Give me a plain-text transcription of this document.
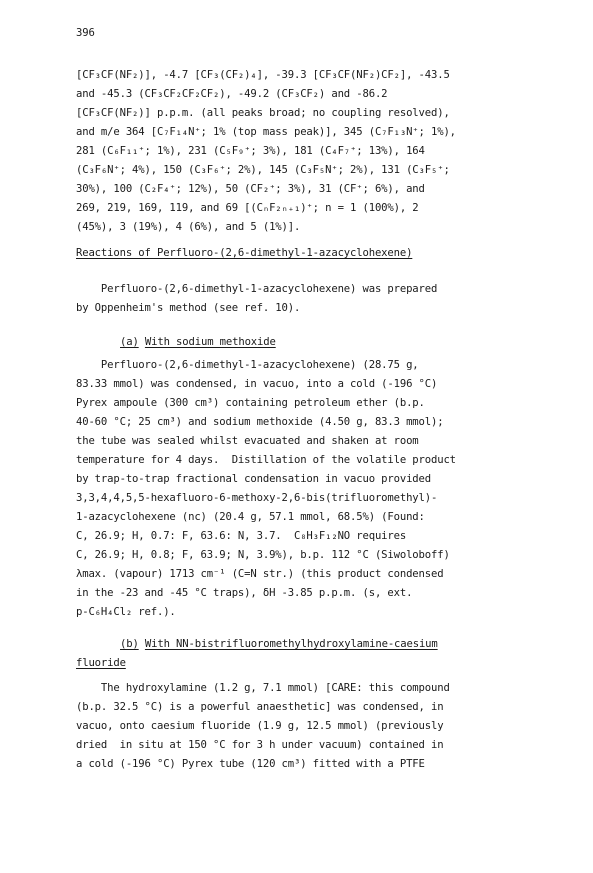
396

[CF₃CF(NF₂)], -4.7 [CF₃(CF₂)₄], -39.3 [CF₃CF(NF₂)CF₂], -43.5

and -45.3 (CF₃CF₂CF₂CF₂), -49.2 (CF₃CF₂) and -86.2

[CF₃CF(NF₂)] p.p.m. (all peaks broad; no coupling resolved),

and m/e 364 [C₇F₁₄N⁺; 1% (top mass peak)], 345 (C₇F₁₃N⁺; 1%),

281 (C₆F₁₁⁺; 1%), 231 (C₅F₉⁺; 3%), 181 (C₄F₇⁺; 13%), 164

(C₃F₆N⁺; 4%), 150 (C₃F₆⁺; 2%), 145 (C₃F₅N⁺; 2%), 131 (C₃F₅⁺;

30%), 100 (C₂F₄⁺; 12%), 50 (CF₂⁺; 3%), 31 (CF⁺; 6%), and

269, 219, 169, 119, and 69 [(CₙF₂ₙ₊₁)⁺; n = 1 (100%), 2

(45%), 3 (19%), 4 (6%), and 5 (1%)].

Reactions of Perfluoro-(2,6-dimethyl-1-azacyclohexene)

Perfluoro-(2,6-dimethyl-1-azacyclohexene) was prepared

by Oppenheim's method (see ref. 10).

(a) With sodium methoxide

Perfluoro-(2,6-dimethyl-1-azacyclohexene) (28.75 g,

83.33 mmol) was condensed, in vacuo, into a cold (-196 °C)

Pyrex ampoule (300 cm³) containing petroleum ether (b.p.

40-60 °C; 25 cm³) and sodium methoxide (4.50 g, 83.3 mmol);

the tube was sealed whilst evacuated and shaken at room

temperature for 4 days.  Distillation of the volatile product

by trap-to-trap fractional condensation in vacuo provided

3,3,4,4,5,5-hexafluoro-6-methoxy-2,6-bis(trifluoromethyl)-

1-azacyclohexene (nc) (20.4 g, 57.1 mmol, 68.5%) (Found:

C, 26.9; H, 0.7: F, 63.6: N, 3.7.  C₈H₃F₁₂NO requires

C, 26.9; H, 0.8; F, 63.9; N, 3.9%), b.p. 112 °C (Siwoloboff)

λmax. (vapour) 1713 cm⁻¹ (C=N str.) (this product condensed

in the -23 and -45 °C traps), δH -3.85 p.p.m. (s, ext.

p-C₆H₄Cl₂ ref.).

(b) With NN-bistrifluoromethylhydroxylamine-caesium

fluoride

The hydroxylamine (1.2 g, 7.1 mmol) [CARE: this compound

(b.p. 32.5 °C) is a powerful anaesthetic] was condensed, in

vacuo, onto caesium fluoride (1.9 g, 12.5 mmol) (previously

dried  in situ at 150 °C for 3 h under vacuum) contained in

a cold (-196 °C) Pyrex tube (120 cm³) fitted with a PTFE
